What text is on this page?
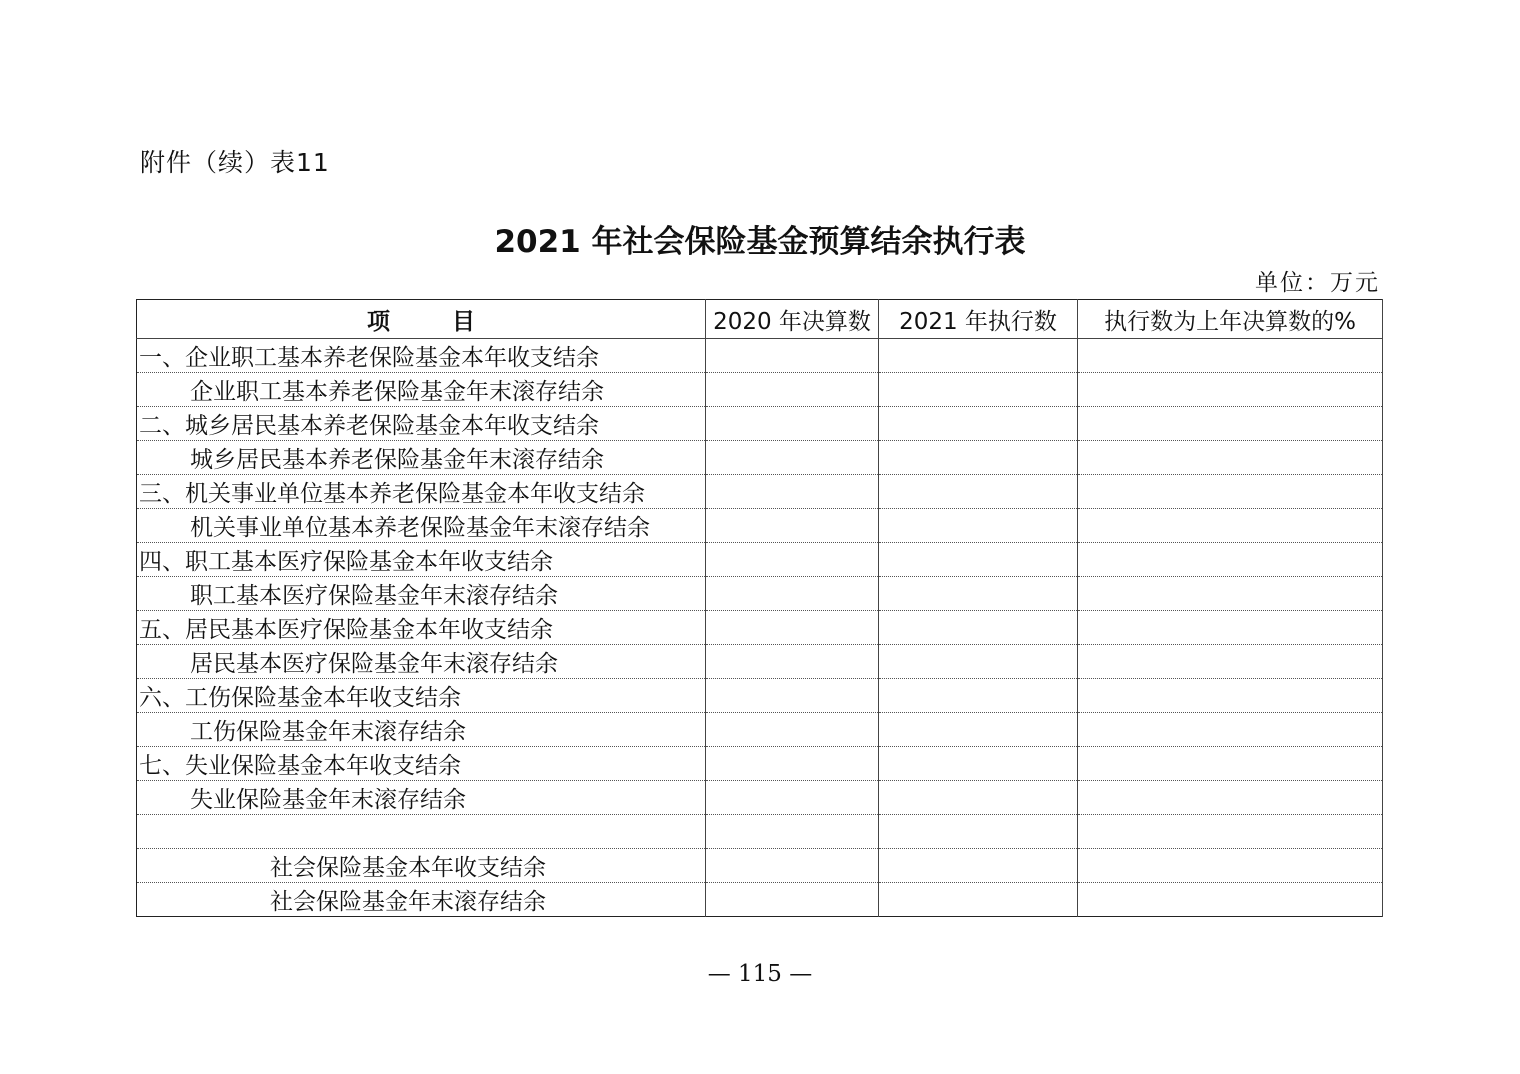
附件（续）表11
2021 年社会保险基金预算结余执行表
单位：万元
项 目	2020 年决算数	2021 年执行数	执行数为上年决算数的%
一、企业职工基本养老保险基金本年收支结余			
企业职工基本养老保险基金年末滚存结余			
二、城乡居民基本养老保险基金本年收支结余			
城乡居民基本养老保险基金年末滚存结余			
三、机关事业单位基本养老保险基金本年收支结余			
机关事业单位基本养老保险基金年末滚存结余			
四、职工基本医疗保险基金本年收支结余			
职工基本医疗保险基金年末滚存结余			
五、居民基本医疗保险基金本年收支结余			
居民基本医疗保险基金年末滚存结余			
六、工伤保险基金本年收支结余			
工伤保险基金年末滚存结余			
七、失业保险基金本年收支结余			
失业保险基金年末滚存结余			

社会保险基金本年收支结余			
社会保险基金年末滚存结余			
— 115 —
